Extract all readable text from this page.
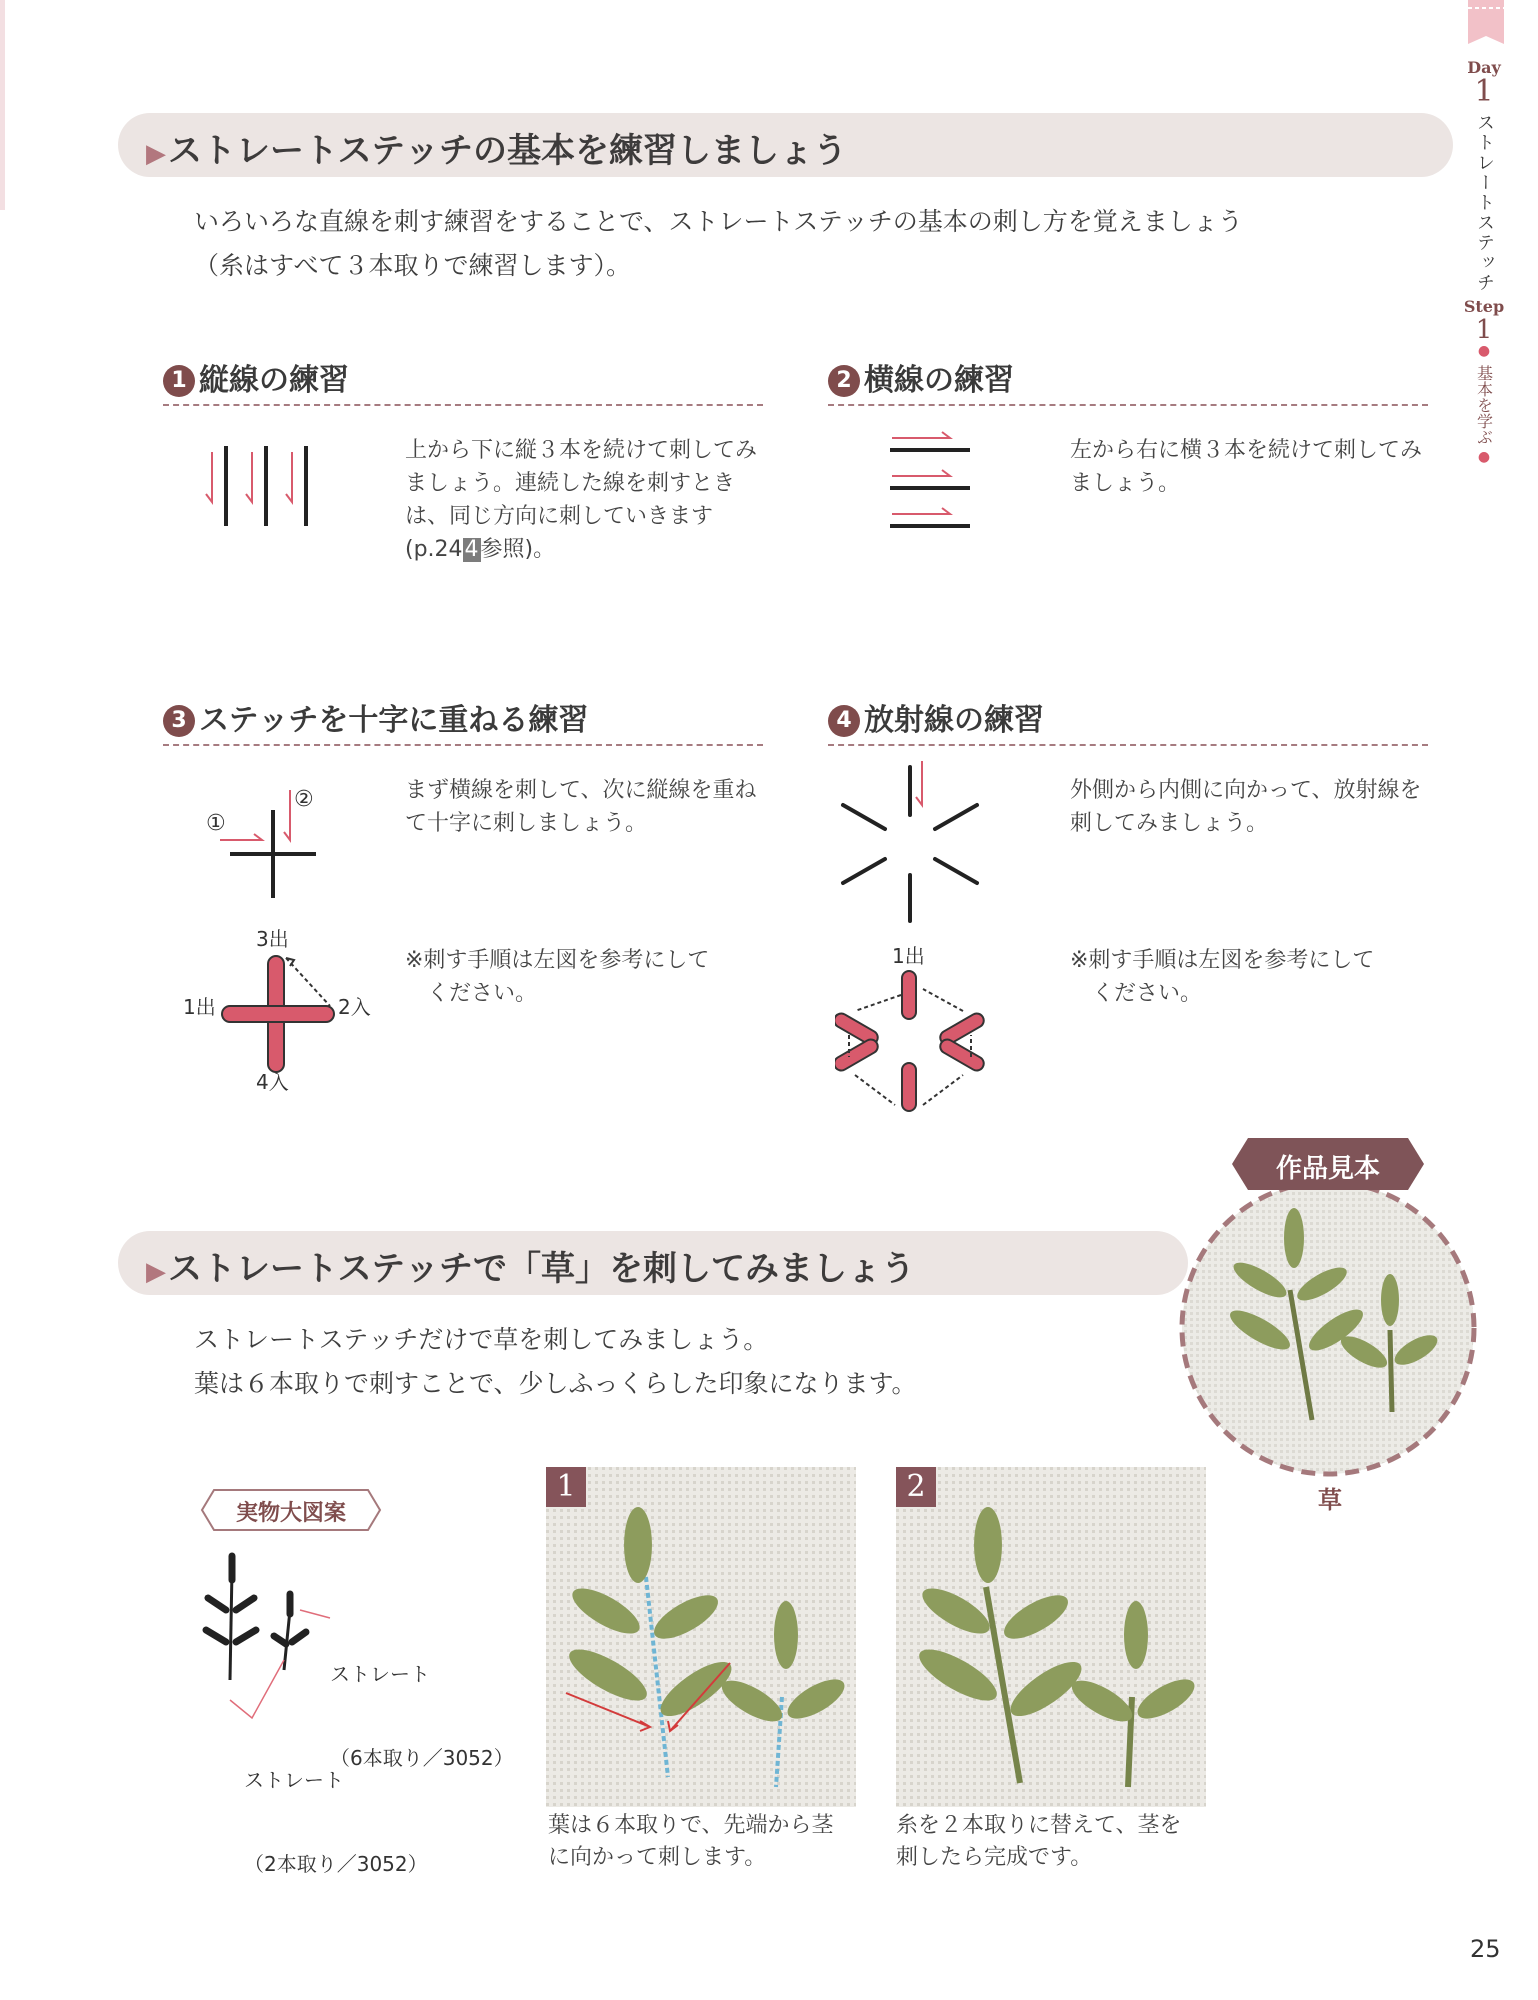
Day
1
ストレートステッチ
Step
1
●
基本を学ぶ
●
▶ストレートステッチの基本を練習しましょう
いろいろな直線を刺す練習をすることで、ストレートステッチの基本の刺し方を覚えましょう
（糸はすべて３本取りで練習します）。
1 縦線の練習
上から下に縦３本を続けて刺してみましょう。連続した線を刺すときは、同じ方向に刺していきます(p.244参照)。
2 横線の練習
左から右に横３本を続けて刺してみましょう。
3 ステッチを十字に重ねる練習
①
②
3出
1出	2入
4入
まず横線を刺して、次に縦線を重ねて十字に刺しましょう。
※刺す手順は左図を参考にして
　ください。
4 放射線の練習
1出
外側から内側に向かって、放射線を刺してみましょう。
※刺す手順は左図を参考にして
　ください。
▶ストレートステッチで「草」を刺してみましょう
ストレートステッチだけで草を刺してみましょう。
葉は６本取りで刺すことで、少しふっくらした印象になります。
作品見本
草
実物大図案

ストレート

（6本取り／3052）

ストレート

（2本取り／3052）

1
葉は６本取りで、先端から茎
に向かって刺します。
2
糸を２本取りに替えて、茎を
刺したら完成です。
25
